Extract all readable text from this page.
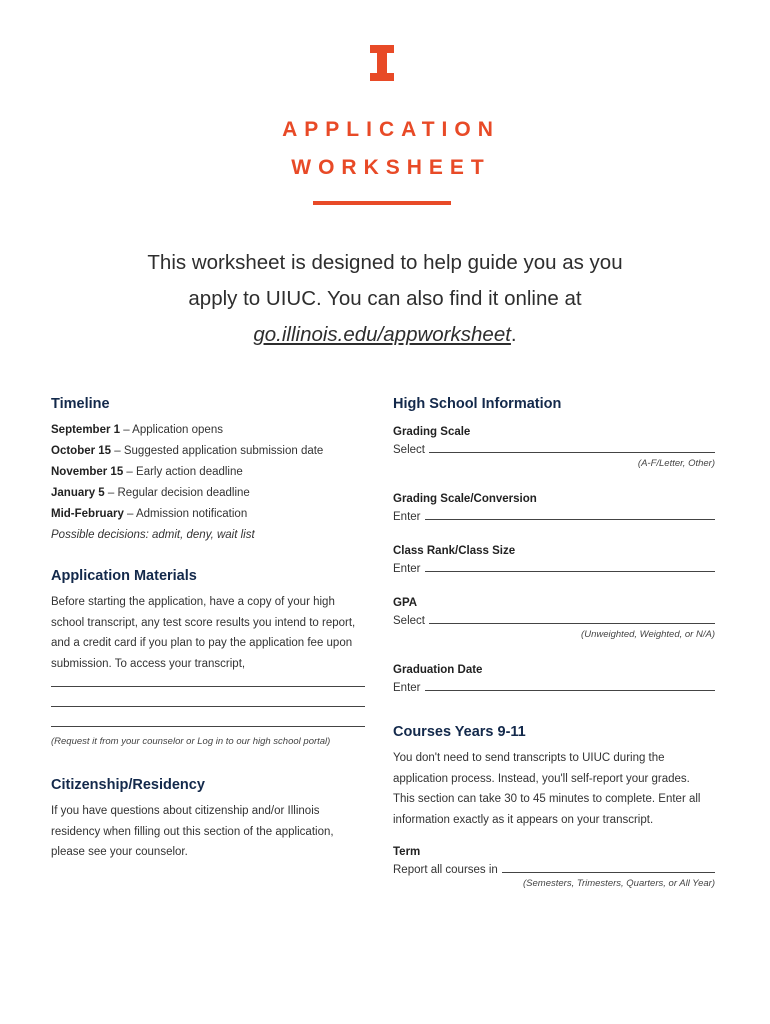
APPLICATION
WORKSHEET
This worksheet is designed to help guide you as you
apply to UIUC. You can also find it online at
go.illinois.edu/appworksheet.
Timeline
September 1 – Application opens
October 15 – Suggested application submission date
November 15 – Early action deadline
January 5 – Regular decision deadline
Mid-February – Admission notification
Possible decisions: admit, deny, wait list
Application Materials
Before starting the application, have a copy of your high school transcript, any test score results you intend to report, and a credit card if you plan to pay the application fee upon submission. To access your transcript,
(Request it from your counselor or Log in to our high school portal)
Citizenship/Residency
If you have questions about citizenship and/or Illinois residency when filling out this section of the application, please see your counselor.
High School Information
Grading Scale
Select
(A-F/Letter, Other)
Grading Scale/Conversion
Enter
Class Rank/Class Size
Enter
GPA
Select
(Unweighted, Weighted, or N/A)
Graduation Date
Enter
Courses Years 9-11
You don't need to send transcripts to UIUC during the application process. Instead, you'll self-report your grades. This section can take 30 to 45 minutes to complete. Enter all information exactly as it appears on your transcript.
Term
Report all courses in
(Semesters, Trimesters, Quarters, or All Year)
